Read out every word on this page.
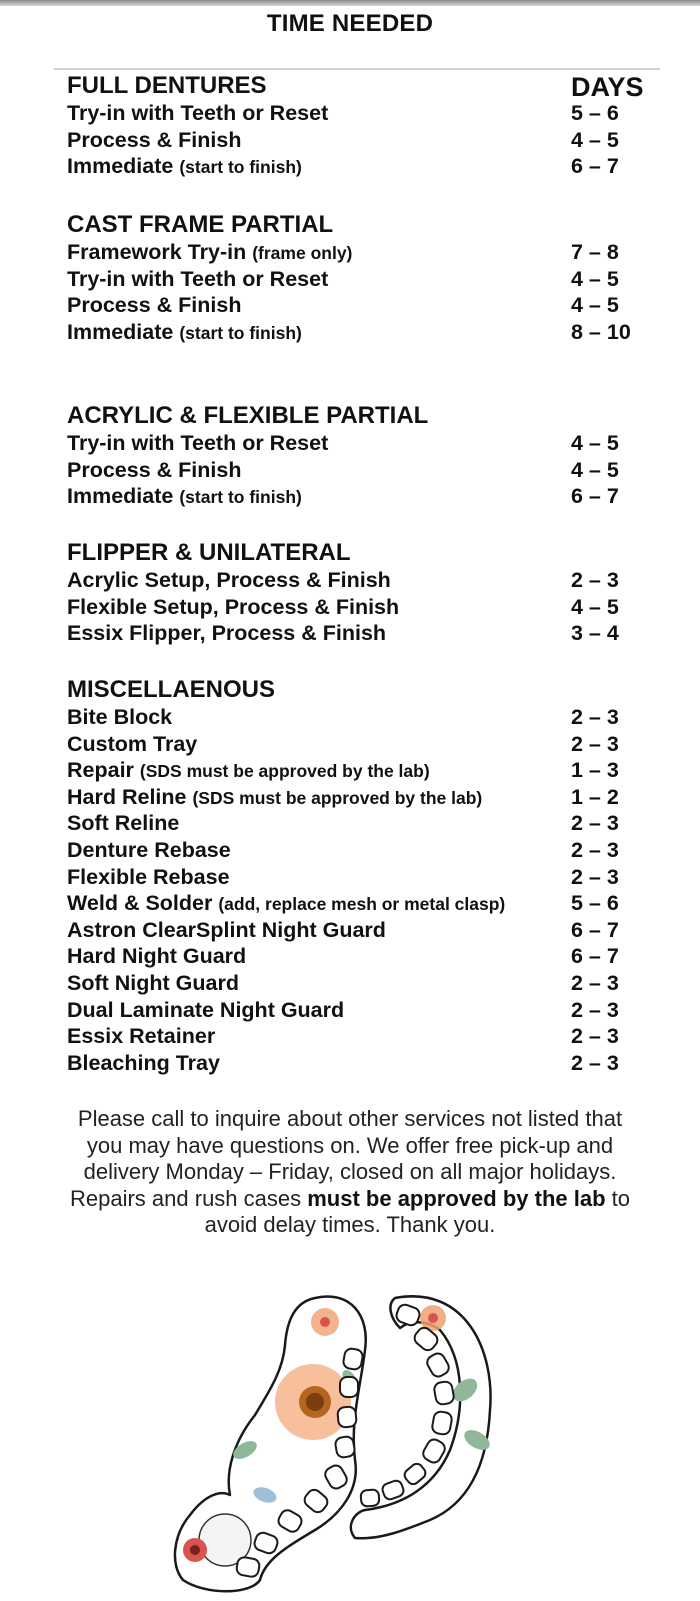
TIME NEEDED
DAYS
FULL DENTURES
Try-in with Teeth or Reset	5 – 6
Process & Finish	4 – 5
Immediate (start to finish)	6 – 7
CAST FRAME PARTIAL
Framework Try-in (frame only)	7 – 8
Try-in with Teeth or Reset	4 – 5
Process & Finish	4 – 5
Immediate (start to finish)	8 – 10
ACRYLIC & FLEXIBLE PARTIAL
Try-in with Teeth or Reset	4 – 5
Process & Finish	4 – 5
Immediate (start to finish)	6 – 7
FLIPPER & UNILATERAL
Acrylic Setup, Process & Finish	2 – 3
Flexible Setup, Process & Finish	4 – 5
Essix Flipper, Process & Finish	3 – 4
MISCELLAENOUS
Bite Block	2 – 3
Custom Tray	2 – 3
Repair (SDS must be approved by the lab)	1 – 3
Hard Reline (SDS must be approved by the lab)	1 – 2
Soft Reline	2 – 3
Denture Rebase	2 – 3
Flexible Rebase	2 – 3
Weld & Solder (add, replace mesh or metal clasp)	5 – 6
Astron ClearSplint Night Guard	6 – 7
Hard Night Guard	6 – 7
Soft Night Guard	2 – 3
Dual Laminate Night Guard	2 – 3
Essix Retainer	2 – 3
Bleaching Tray	2 – 3
Please call to inquire about other services not listed that you may have questions on. We offer free pick-up and delivery Monday – Friday, closed on all major holidays. Repairs and rush cases must be approved by the lab to avoid delay times. Thank you.
